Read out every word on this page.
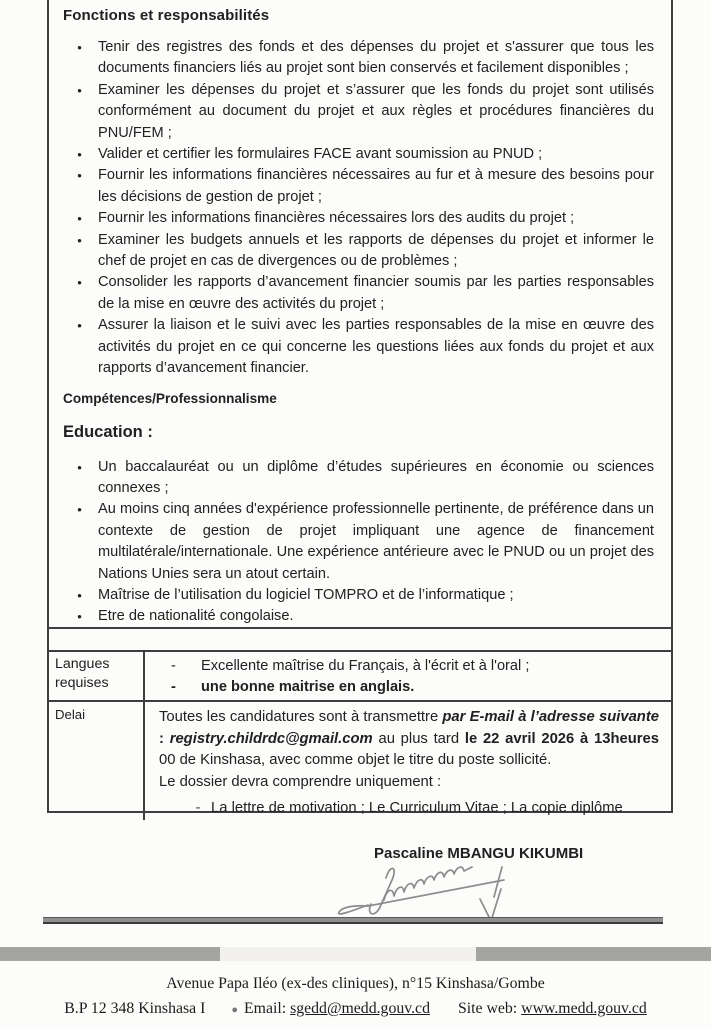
Fonctions et responsabilités
•	Tenir des registres des fonds et des dépenses du projet et s'assurer que tous les documents financiers liés au projet sont bien conservés et facilement disponibles ;
•	Examiner les dépenses du projet et s’assurer que les fonds du projet sont utilisés conformément au document du projet et aux règles et procédures financières du PNU/FEM ;
•	Valider et certifier les formulaires FACE avant soumission au PNUD ;
•	Fournir les informations financières nécessaires au fur et à mesure des besoins pour les décisions de gestion de projet ;
•	Fournir les informations financières nécessaires lors des audits du projet ;
•	Examiner les budgets annuels et les rapports de dépenses du projet et informer le chef de projet en cas de divergences ou de problèmes ;
•	Consolider les rapports d’avancement financier soumis par les parties responsables de la mise en œuvre des activités du projet ;
•	Assurer la liaison et le suivi avec les parties responsables de la mise en œuvre des activités du projet en ce qui concerne les questions liées aux fonds du projet et aux rapports d’avancement financier.
Compétences/Professionnalisme
Education :
•	Un baccalauréat ou un diplôme d’études supérieures en économie ou sciences connexes ;
•	Au moins cinq années d'expérience professionnelle pertinente, de préférence dans un contexte de gestion de projet impliquant une agence de financement multilatérale/internationale. Une expérience antérieure avec le PNUD ou un projet des Nations Unies sera un atout certain.
•	Maîtrise de l’utilisation du logiciel TOMPRO et de l’informatique ;
•	Etre de nationalité congolaise.
Langues requises
-	Excellente maîtrise du Français, à l'écrit et à l'oral ;
-	une bonne maitrise en anglais.
Delai	Toutes les candidatures sont à transmettre par E-mail à l’adresse suivante : registry.childrdc@gmail.com au plus tard le 22 avril 2026 à 13heures 00 de Kinshasa, avec comme objet le titre du poste sollicité.

Le dossier devra comprendre uniquement :

- La lettre de motivation ; Le Curriculum Vitae ; La copie diplôme
Pascaline MBANGU KIKUMBI
Avenue Papa Iléo (ex-des cliniques), n°15 Kinshasa/Gombe
B.P 12 348 Kinshasa I ● Email: sgedd@medd.gouv.cd Site web: www.medd.gouv.cd
